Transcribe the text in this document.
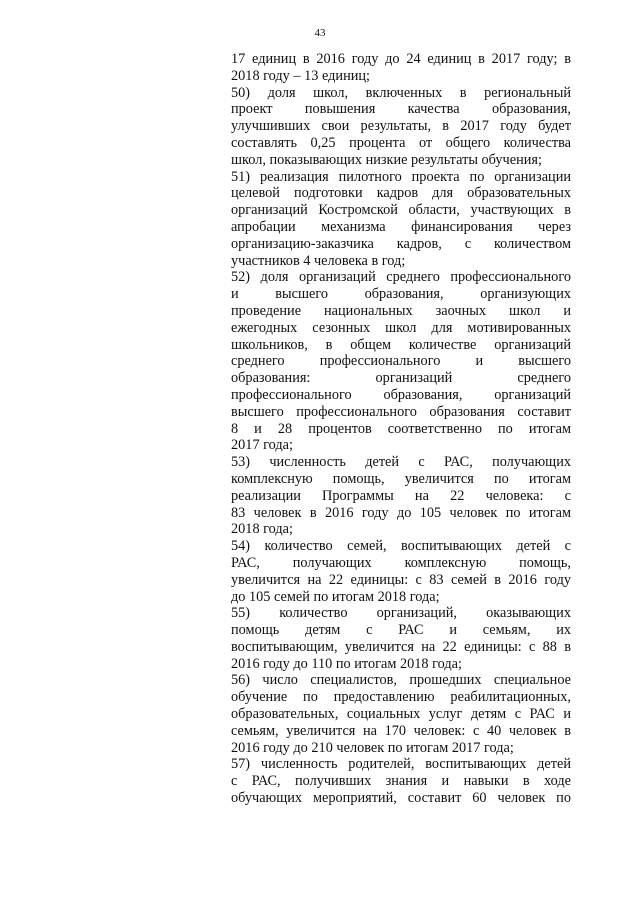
43
17 единиц в 2016 году до 24 единиц в 2017 году; в
2018 году – 13 единиц;
50) доля школ, включенных в региональный
проект повышения качества образования,
улучшивших свои результаты, в 2017 году будет
составлять 0,25 процента от общего количества
школ, показывающих низкие результаты обучения;
51) реализация пилотного проекта по организации
целевой подготовки кадров для образовательных
организаций Костромской области, участвующих в
апробации механизма финансирования через
организацию-заказчика кадров, с количеством
участников 4 человека в год;
52) доля организаций среднего профессионального
и высшего образования, организующих
проведение национальных заочных школ и
ежегодных сезонных школ для мотивированных
школьников, в общем количестве организаций
среднего профессионального и высшего
образования: организаций среднего
профессионального образования, организаций
высшего профессионального образования составит
8 и 28 процентов соответственно по итогам
2017 года;
53) численность детей с РАС, получающих
комплексную помощь, увеличится по итогам
реализации Программы на 22 человека: с
83 человек в 2016 году до 105 человек по итогам
2018 года;
54) количество семей, воспитывающих детей с
РАС, получающих комплексную помощь,
увеличится на 22 единицы: с 83 семей в 2016 году
до 105 семей по итогам 2018 года;
55) количество организаций, оказывающих
помощь детям с РАС и семьям, их
воспитывающим, увеличится на 22 единицы: с 88 в
2016 году до 110 по итогам 2018 года;
56) число специалистов, прошедших специальное
обучение по предоставлению реабилитационных,
образовательных, социальных услуг детям с РАС и
семьям, увеличится на 170 человек: с 40 человек в
2016 году до 210 человек по итогам 2017 года;
57) численность родителей, воспитывающих детей
с РАС, получивших знания и навыки в ходе
обучающих мероприятий, составит 60 человек по
